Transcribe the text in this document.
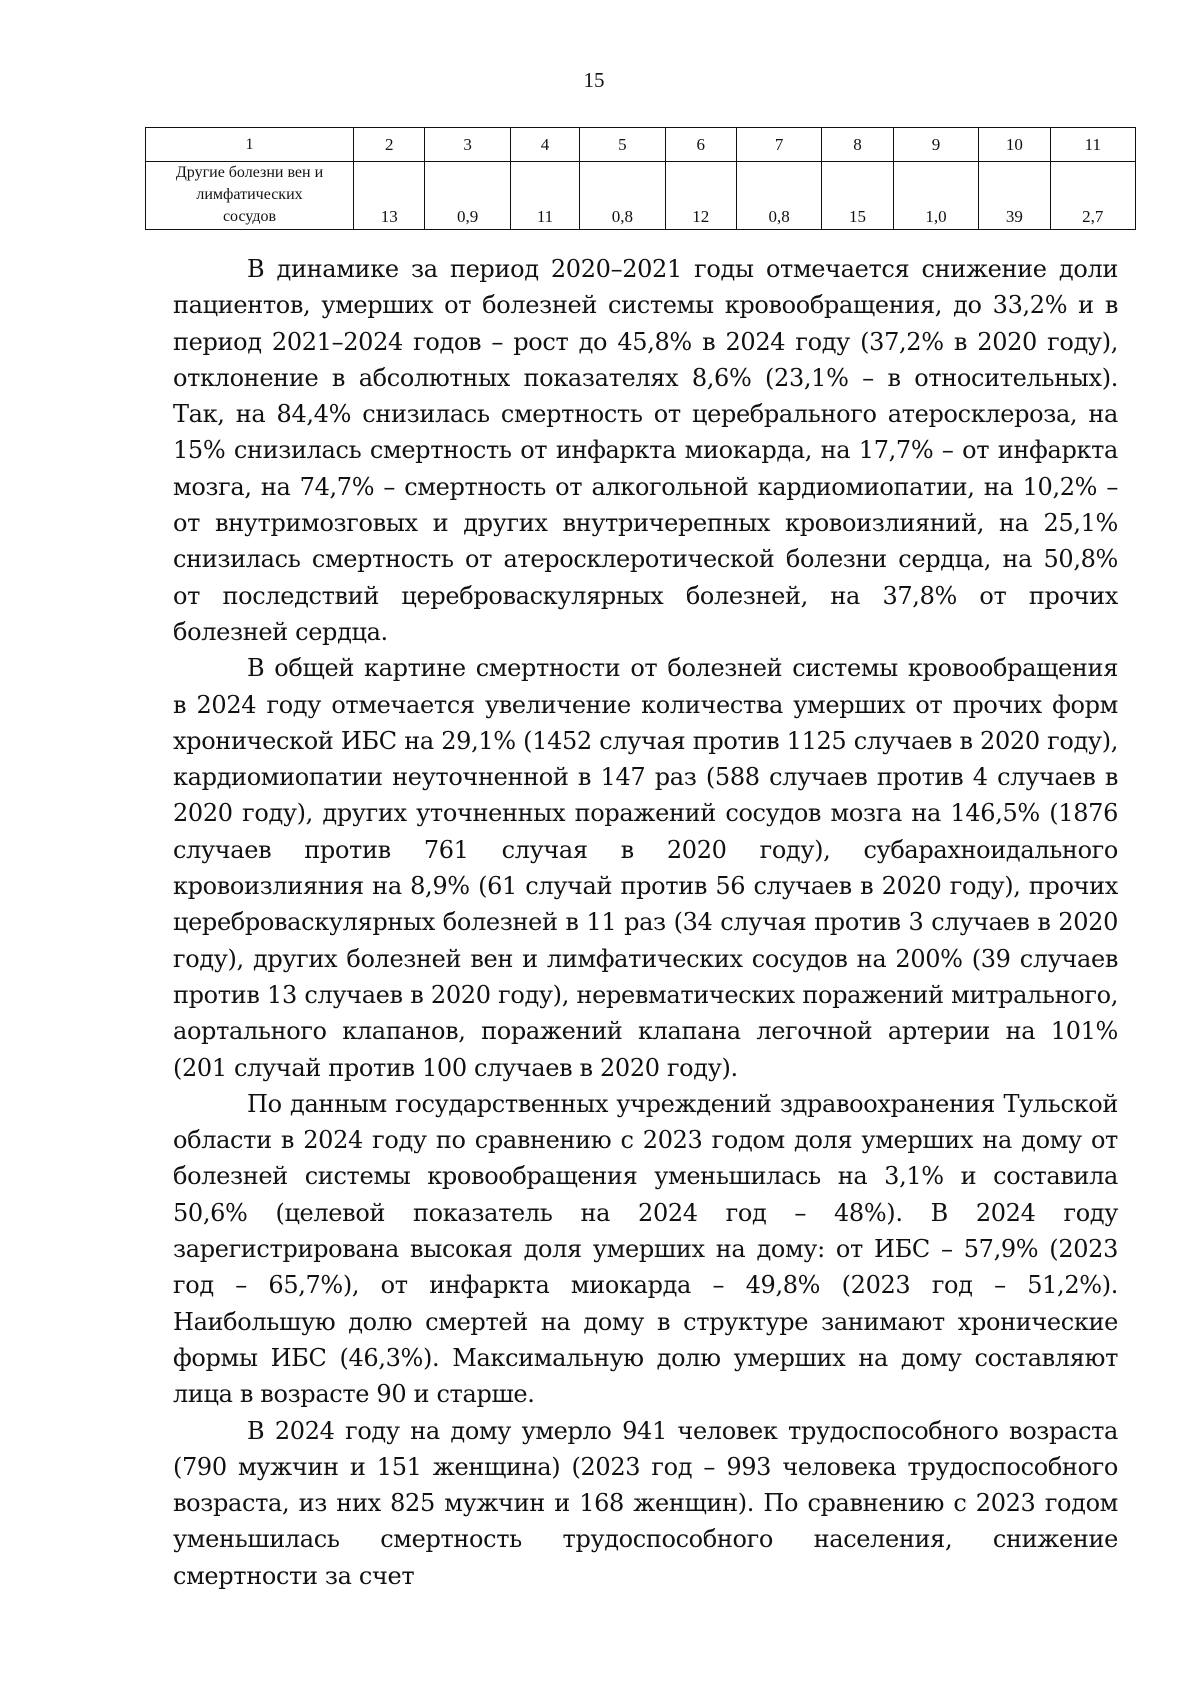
15
1	2	3	4	5	6	7	8	9	10	11

Другие болезни вен и
лимфатических
сосудов	13	0,9	11	0,8	12	0,8	15	1,0	39	2,7

В динамике за период 2020–2021 годы отмечается снижение доли пациентов, умерших от болезней системы кровообращения, до 33,2% и в период 2021–2024 годов – рост до 45,8% в 2024 году (37,2% в 2020 году), отклонение в абсолютных показателях 8,6% (23,1% – в относительных). Так, на 84,4% снизилась смертность от церебрального атеросклероза, на 15% снизилась смертность от инфаркта миокарда, на 17,7% – от инфаркта мозга, на 74,7% – смертность от алкогольной кардиомиопатии, на 10,2% – от внутримозговых и других внутричерепных кровоизлияний, на 25,1% снизилась смертность от атеросклеротической болезни сердца, на 50,8% от последствий цереброваскулярных болезней, на 37,8% от прочих болезней сердца.

В общей картине смертности от болезней системы кровообращения в 2024 году отмечается увеличение количества умерших от прочих форм хронической ИБС на 29,1% (1452 случая против 1125 случаев в 2020 году), кардиомиопатии неуточненной в 147 раз (588 случаев против 4 случаев в 2020 году), других уточненных поражений сосудов мозга на 146,5% (1876 случаев против 761 случая в 2020 году), субарахноидального кровоизлияния на 8,9% (61 случай против 56 случаев в 2020 году), прочих цереброваскулярных болезней в 11 раз (34 случая против 3 случаев в 2020 году), других болезней вен и лимфатических сосудов на 200% (39 случаев против 13 случаев в 2020 году), неревматических поражений митрального, аортального клапанов, поражений клапана легочной артерии на 101% (201 случай против 100 случаев в 2020 году).

По данным государственных учреждений здравоохранения Тульской области в 2024 году по сравнению с 2023 годом доля умерших на дому от болезней системы кровообращения уменьшилась на 3,1% и составила 50,6% (целевой показатель на 2024 год – 48%). В 2024 году зарегистрирована высокая доля умерших на дому: от ИБС – 57,9% (2023 год – 65,7%), от инфаркта миокарда – 49,8% (2023 год – 51,2%). Наибольшую долю смертей на дому в структуре занимают хронические формы ИБС (46,3%). Максимальную долю умерших на дому составляют лица в возрасте 90 и старше.

В 2024 году на дому умерло 941 человек трудоспособного возраста (790 мужчин и 151 женщина) (2023 год – 993 человека трудоспособного возраста, из них 825 мужчин и 168 женщин). По сравнению с 2023 годом уменьшилась смертность трудоспособного населения, снижение смертности за счет
